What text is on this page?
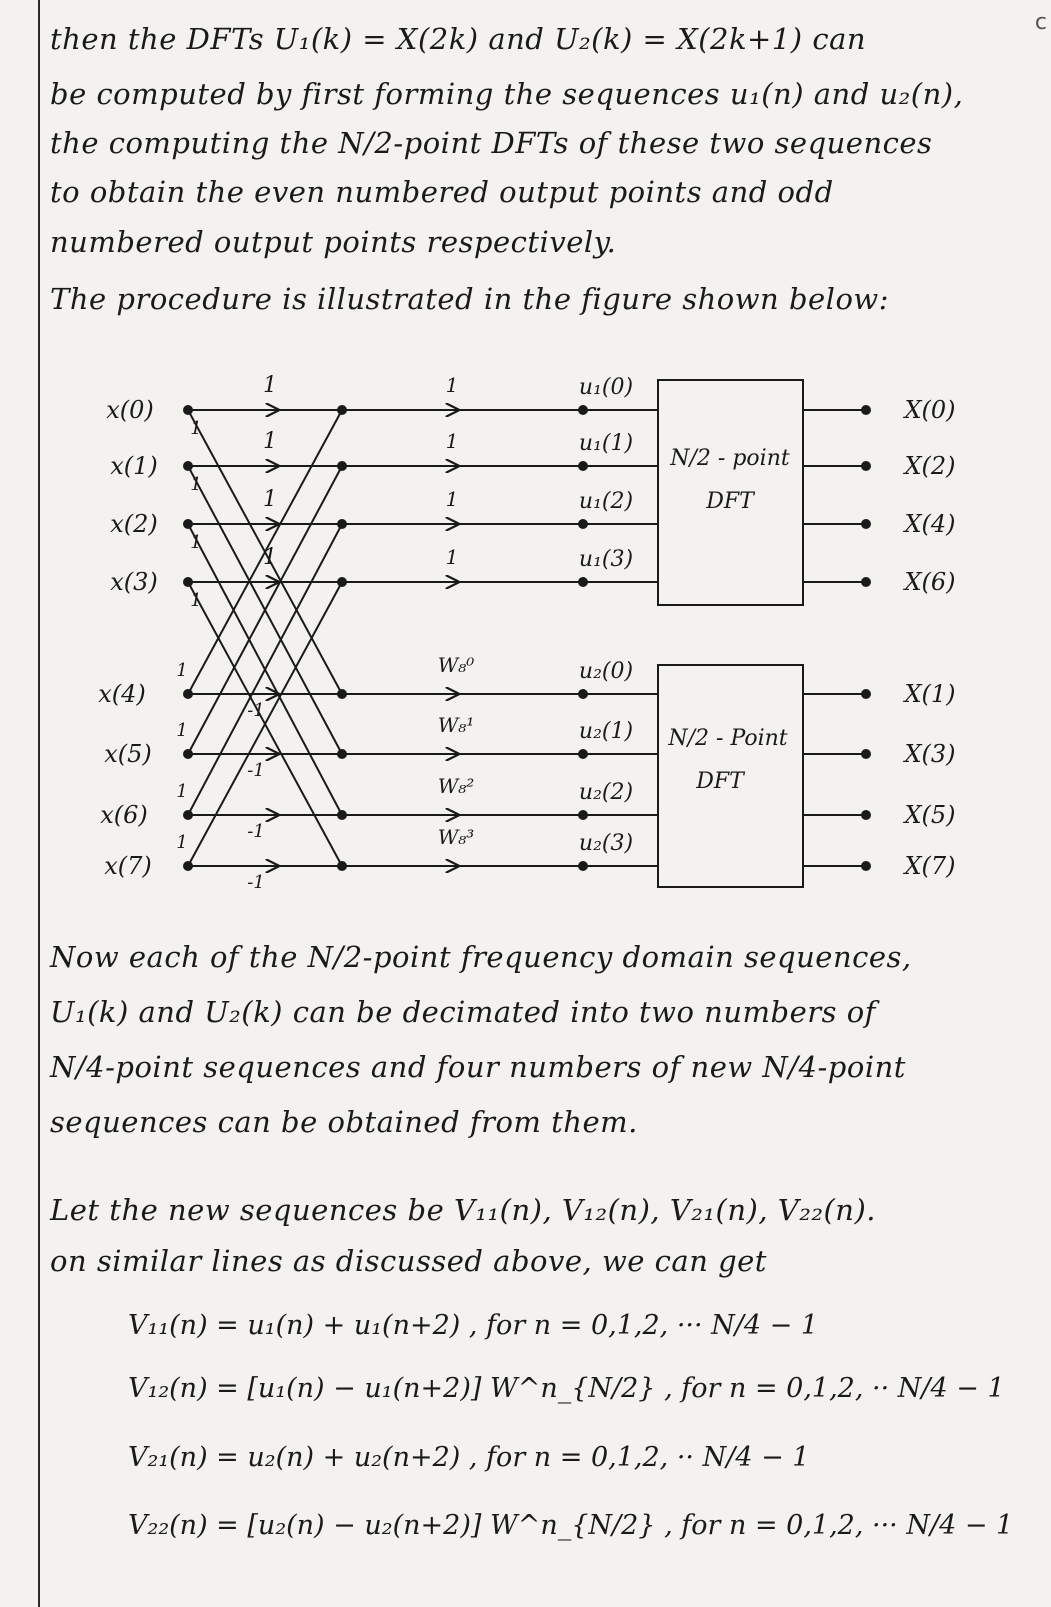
c
then the DFTs U₁(k) = X(2k) and U₂(k) = X(2k+1) can
be computed by first forming the sequences u₁(n) and u₂(n),
the computing the N/2-point DFTs of these two sequences
to obtain the even numbered output points and odd
numbered output points respectively.
The procedure is illustrated in the figure shown below:
x(0)
x(1)
x(2)
x(3)
x(4)
x(5)
x(6)
x(7)
1
1
1
1
1
1
1
1
1
1
1
1
-1
-1
-1
-1
1
1
1
1
W₈⁰
W₈¹
W₈²
W₈³
u₁(0)
u₁(1)
u₁(2)
u₁(3)
u₂(0)
u₂(1)
u₂(2)
u₂(3)
N/2 - point
DFT
N/2 - Point
DFT
X(0)
X(2)
X(4)
X(6)
X(1)
X(3)
X(5)
X(7)
Now each of the N/2-point frequency domain sequences,
U₁(k) and U₂(k) can be decimated into two numbers of
N/4-point sequences and four numbers of new N/4-point
sequences can be obtained from them.
Let the new sequences be V₁₁(n), V₁₂(n), V₂₁(n), V₂₂(n).
on similar lines as discussed above, we can get
V₁₁(n) = u₁(n) + u₁(n+2) , for n = 0,1,2, ··· N/4 − 1
V₁₂(n) = [u₁(n) − u₁(n+2)] W^n_{N/2} , for n = 0,1,2, ·· N/4 − 1
V₂₁(n) = u₂(n) + u₂(n+2) , for n = 0,1,2, ·· N/4 − 1
V₂₂(n) = [u₂(n) − u₂(n+2)] W^n_{N/2} , for n = 0,1,2, ··· N/4 − 1
